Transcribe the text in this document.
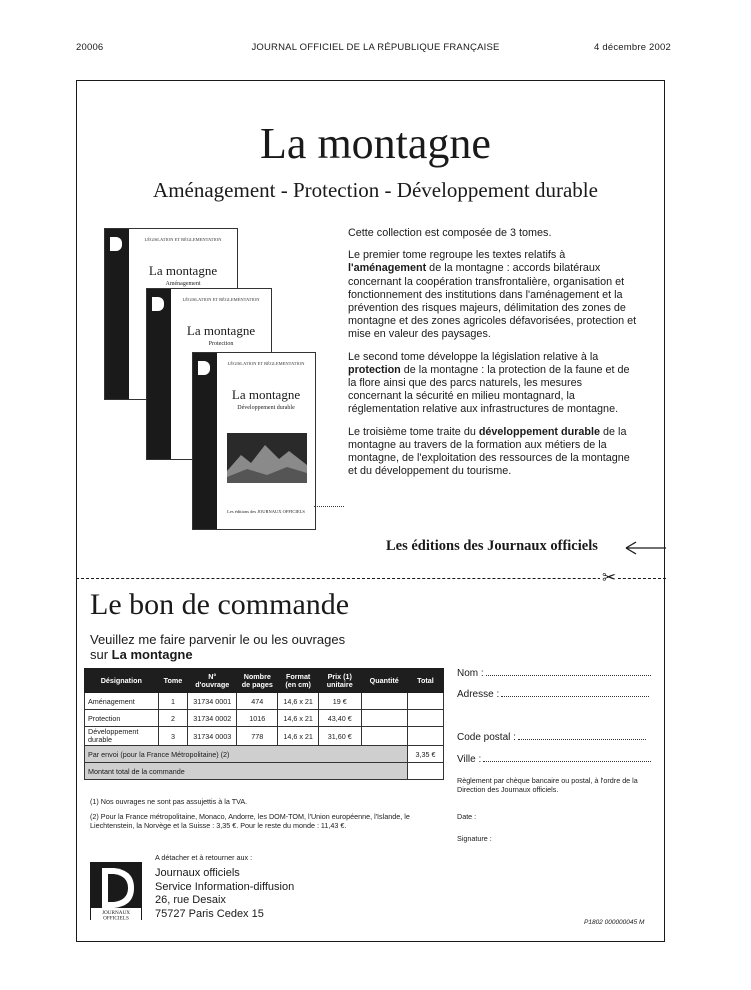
20006	JOURNAL OFFICIEL DE LA RÉPUBLIQUE FRANÇAISE	4 décembre 2002
La montagne
Aménagement - Protection - Développement durable
LÉGISLATION ET RÉGLEMENTATION
La montagne
Aménagement
LÉGISLATION ET RÉGLEMENTATION
La montagne
Protection
LÉGISLATION ET RÉGLEMENTATION
La montagne
Développement durable
Les éditions des JOURNAUX OFFICIELS

Cette collection est composée de 3 tomes.

Le premier tome regroupe les textes relatifs à l'aménagement de la montagne : accords bilatéraux concernant la coopération transfrontalière, organisation et fonctionnement des institutions dans l'aménagement et la prévention des risques majeurs, délimitation des zones de montagne et des zones agricoles défavorisées, protection et mise en valeur des paysages.

Le second tome développe la législation relative à la protection de la montagne : la protection de la faune et de la flore ainsi que des parcs naturels, les mesures concernant la sécurité en milieu montagnard, la réglementation relative aux infrastructures de montagne.

Le troisième tome traite du développement durable de la montagne au travers de la formation aux métiers de la montagne, de l'exploitation des ressources de la montagne et du développement du tourisme.

Les éditions des Journaux officiels
✂
Le bon de commande
Veuillez me faire parvenir le ou les ouvrages
sur La montagne
Désignation	Tome	N° d'ouvrage	Nombre de pages	Format (en cm)	Prix (1) unitaire	Quantité	Total
Aménagement	1	31734 0001	474	14,6 x 21	19 €		
Protection	2	31734 0002	1016	14,6 x 21	43,40 €		
Développement durable	3	31734 0003	778	14,6 x 21	31,60 €		
Par envoi (pour la France Métropolitaine) (2)							3,35 €
Montant total de la commande							
(1) Nos ouvrages ne sont pas assujettis à la TVA.
(2) Pour la France métropolitaine, Monaco, Andorre, les DOM-TOM, l'Union européenne, l'Islande, le Liechtenstein, la Norvège et la Suisse : 3,35 €. Pour le reste du monde : 11,43 €.
Nom :
Adresse :
Code postal :
Ville :
Règlement par chèque bancaire ou postal, à l'ordre de la Direction des Journaux officiels.
Date :
Signature :
JOURNAUX
OFFICIELS
A détacher et à retourner aux :
Journaux officiels
Service Information-diffusion
26, rue Desaix
75727 Paris Cedex 15
P1802 000000045 M
